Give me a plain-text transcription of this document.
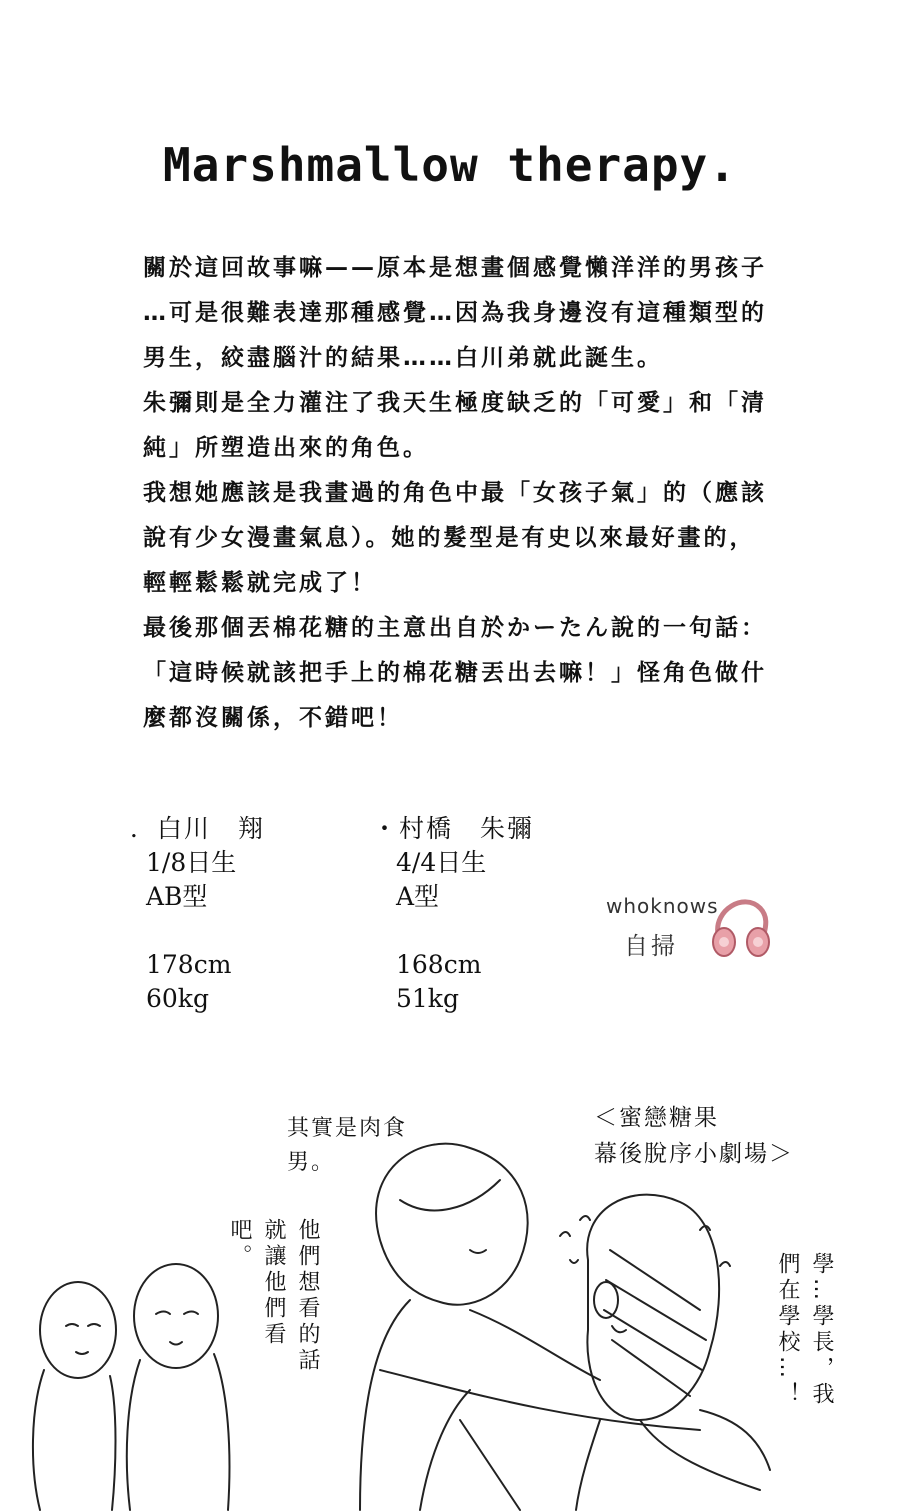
Marshmallow therapy.
關於這回故事嘛——原本是想畫個感覺懶洋洋的男孩子
…可是很難表達那種感覺…因為我身邊沒有這種類型的
男生，絞盡腦汁的結果……白川弟就此誕生。
朱彌則是全力灌注了我天生極度缺乏的「可愛」和「清
純」所塑造出來的角色。
我想她應該是我畫過的角色中最「女孩子氣」的（應該
說有少女漫畫氣息）。她的髮型是有史以來最好畫的，
輕輕鬆鬆就完成了！
最後那個丟棉花糖的主意出自於かーたん說的一句話：
「這時候就該把手上的棉花糖丟出去嘛！」怪角色做什
麼都沒關係，不錯吧！
．白川　翔
1/8日生
AB型
178cm
60kg
・村橋　朱彌
4/4日生
A型
168cm
51kg
whoknows
自掃
＜蜜戀糖果
幕後脫序小劇場＞
其實是肉食男。
他們想看的話就讓他們看吧。
學…學長，我們在學校…！
